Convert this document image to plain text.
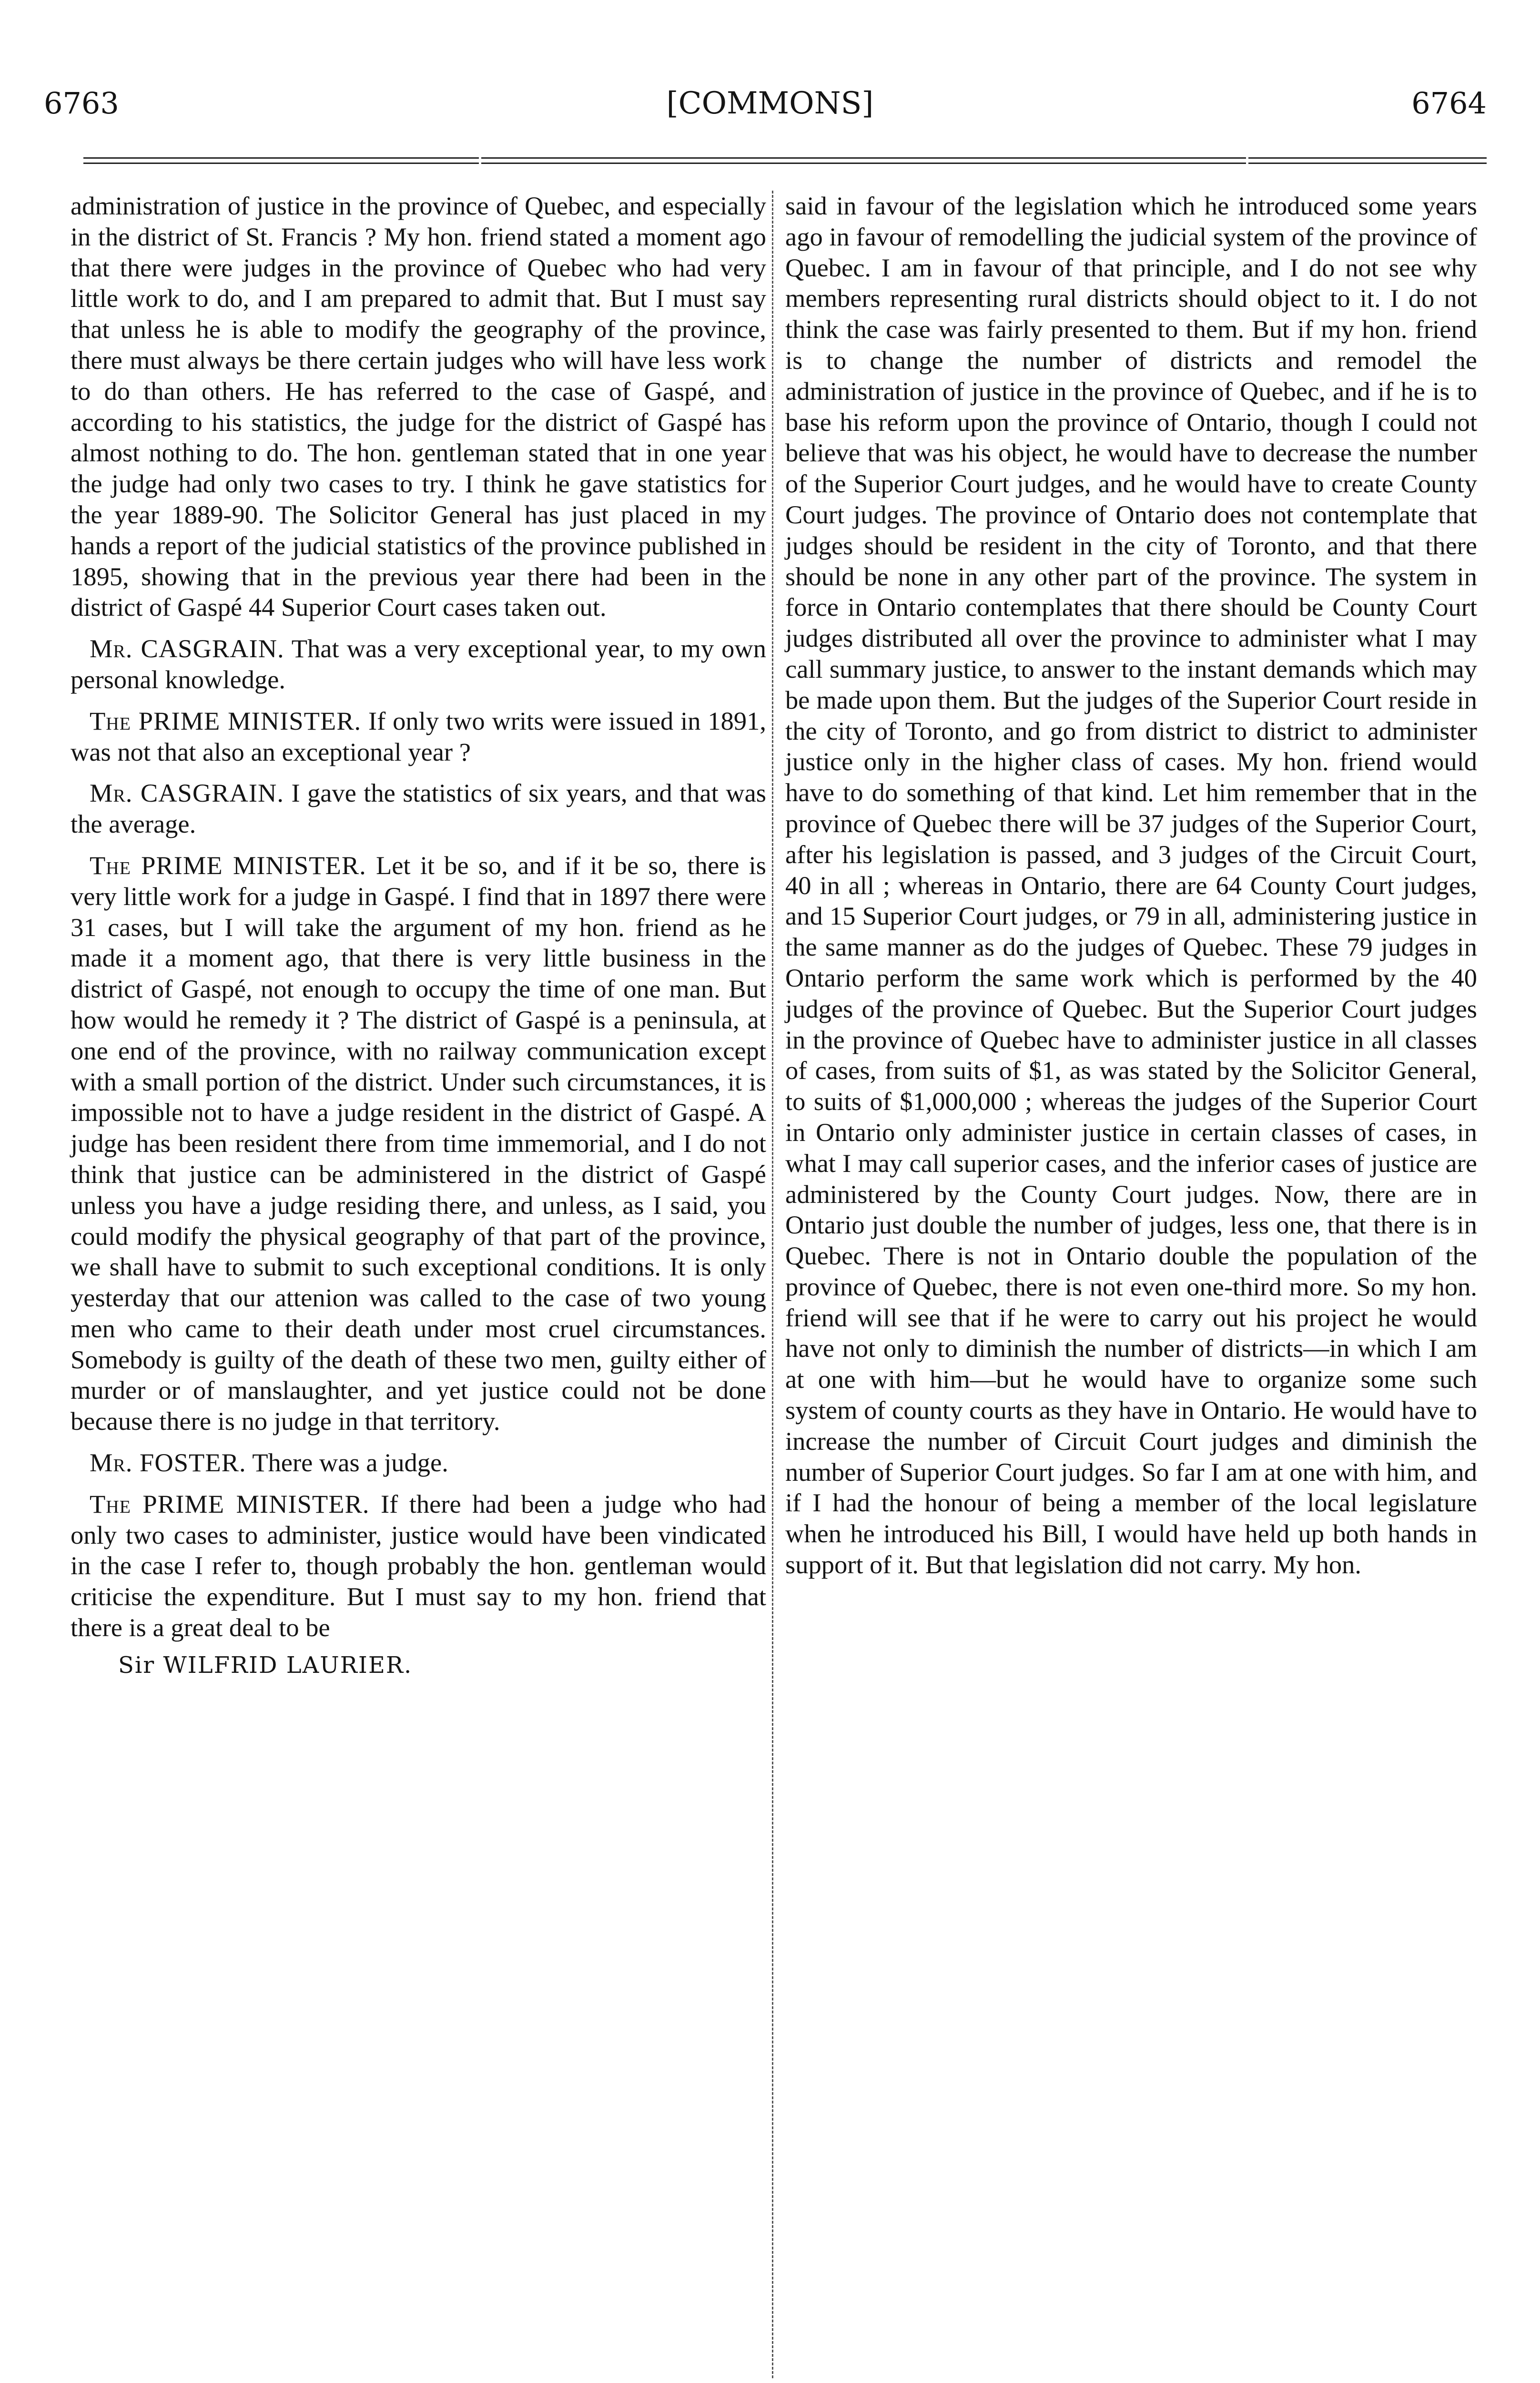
6763	[COMMONS]	6764

administration of justice in the province of Quebec, and especially in the district of St. Francis ? My hon. friend stated a moment ago that there were judges in the province of Quebec who had very little work to do, and I am prepared to admit that. But I must say that unless he is able to modify the geography of the province, there must always be there certain judges who will have less work to do than others. He has referred to the case of Gaspé, and according to his statistics, the judge for the district of Gaspé has almost nothing to do. The hon. gentleman stated that in one year the judge had only two cases to try. I think he gave statistics for the year 1889-90. The Solicitor General has just placed in my hands a report of the judicial statistics of the province published in 1895, showing that in the previous year there had been in the district of Gaspé 44 Superior Court cases taken out.

Mr. CASGRAIN. That was a very exceptional year, to my own personal knowledge.

The PRIME MINISTER. If only two writs were issued in 1891, was not that also an exceptional year ?

Mr. CASGRAIN. I gave the statistics of six years, and that was the average.

The PRIME MINISTER. Let it be so, and if it be so, there is very little work for a judge in Gaspé. I find that in 1897 there were 31 cases, but I will take the argument of my hon. friend as he made it a moment ago, that there is very little business in the district of Gaspé, not enough to occupy the time of one man. But how would he remedy it ? The district of Gaspé is a peninsula, at one end of the province, with no railway communication except with a small portion of the district. Under such circumstances, it is impossible not to have a judge resident in the district of Gaspé. A judge has been resident there from time immemorial, and I do not think that justice can be administered in the district of Gaspé unless you have a judge residing there, and unless, as I said, you could modify the physical geography of that part of the province, we shall have to submit to such exceptional conditions. It is only yesterday that our attenion was called to the case of two young men who came to their death under most cruel circumstances. Somebody is guilty of the death of these two men, guilty either of murder or of manslaughter, and yet justice could not be done because there is no judge in that territory.

Mr. FOSTER. There was a judge.

The PRIME MINISTER. If there had been a judge who had only two cases to administer, justice would have been vindicated in the case I refer to, though probably the hon. gentleman would criticise the expenditure. But I must say to my hon. friend that there is a great deal to be

Sir WILFRID LAURIER.

said in favour of the legislation which he introduced some years ago in favour of remodelling the judicial system of the province of Quebec. I am in favour of that principle, and I do not see why members representing rural districts should object to it. I do not think the case was fairly presented to them. But if my hon. friend is to change the number of districts and remodel the administration of justice in the province of Quebec, and if he is to base his reform upon the province of Ontario, though I could not believe that was his object, he would have to decrease the number of the Superior Court judges, and he would have to create County Court judges. The province of Ontario does not contemplate that judges should be resident in the city of Toronto, and that there should be none in any other part of the province. The system in force in Ontario contemplates that there should be County Court judges distributed all over the province to administer what I may call summary justice, to answer to the instant demands which may be made upon them. But the judges of the Superior Court reside in the city of Toronto, and go from district to district to administer justice only in the higher class of cases. My hon. friend would have to do something of that kind. Let him remember that in the province of Quebec there will be 37 judges of the Superior Court, after his legislation is passed, and 3 judges of the Circuit Court, 40 in all ; whereas in Ontario, there are 64 County Court judges, and 15 Superior Court judges, or 79 in all, administering justice in the same manner as do the judges of Quebec. These 79 judges in Ontario perform the same work which is performed by the 40 judges of the province of Quebec. But the Superior Court judges in the province of Quebec have to administer justice in all classes of cases, from suits of $1, as was stated by the Solicitor General, to suits of $1,000,000 ; whereas the judges of the Superior Court in Ontario only administer justice in certain classes of cases, in what I may call superior cases, and the inferior cases of justice are administered by the County Court judges. Now, there are in Ontario just double the number of judges, less one, that there is in Quebec. There is not in Ontario double the population of the province of Quebec, there is not even one-third more. So my hon. friend will see that if he were to carry out his project he would have not only to diminish the number of districts—in which I am at one with him—but he would have to organize some such system of county courts as they have in Ontario. He would have to increase the number of Circuit Court judges and diminish the number of Superior Court judges. So far I am at one with him, and if I had the honour of being a member of the local legislature when he introduced his Bill, I would have held up both hands in support of it. But that legislation did not carry. My hon.
